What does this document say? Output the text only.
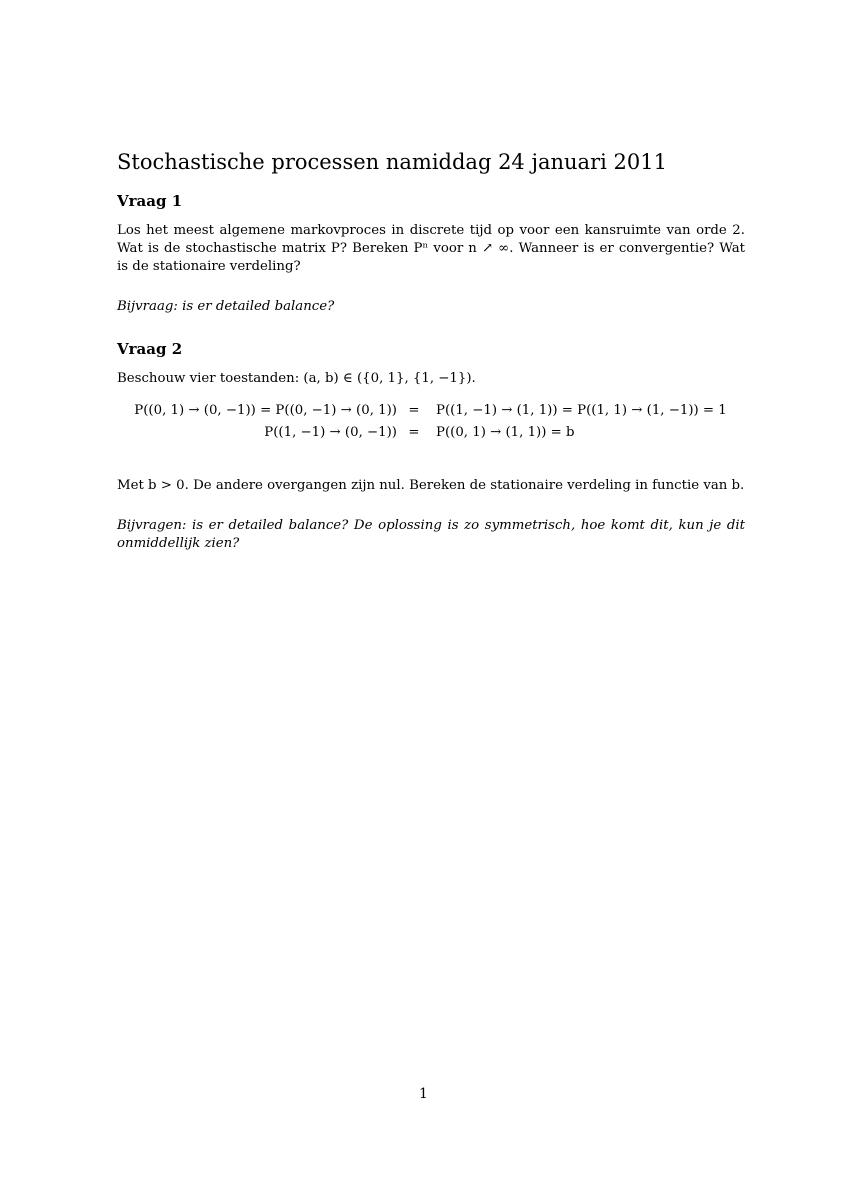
Stochastische processen namiddag 24 januari 2011
Vraag 1
Los het meest algemene markovproces in discrete tijd op voor een kansruimte van orde 2. Wat is de stochastische matrix P? Bereken Pⁿ voor n ↗ ∞. Wanneer is er convergentie? Wat is de stationaire verdeling?
Bijvraag: is er detailed balance?
Vraag 2
Beschouw vier toestanden: (a, b) ∈ ({0, 1}, {1, −1}).
P((0, 1) → (0, −1)) = P((0, −1) → (0, 1)) =	P((1, −1) → (1, 1)) = P((1, 1) → (1, −1)) = 1
P((1, −1) → (0, −1)) =	P((0, 1) → (1, 1)) = b
Met b > 0. De andere overgangen zijn nul. Bereken de stationaire verdeling in functie van b.
Bijvragen: is er detailed balance? De oplossing is zo symmetrisch, hoe komt dit, kun je dit onmiddellijk zien?
1
